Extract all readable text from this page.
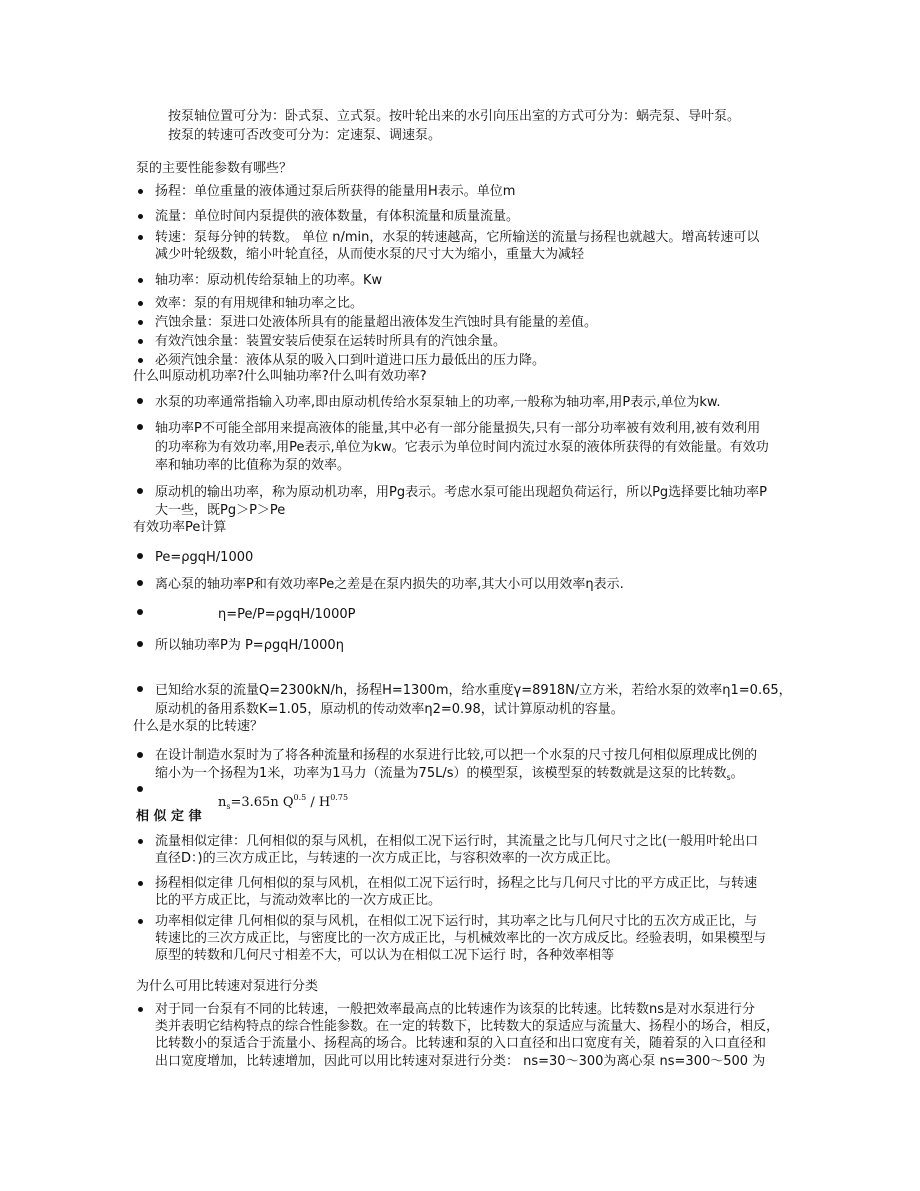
按泵轴位置可分为：卧式泵、立式泵。按叶轮出来的水引向压出室的方式可分为：蜗壳泵、导叶泵。
按泵的转速可否改变可分为：定速泵、调速泵。
泵的主要性能参数有哪些？
扬程：单位重量的液体通过泵后所获得的能量用H表示。单位m
流量：单位时间内泵提供的液体数量，有体积流量和质量流量。
转速：泵每分钟的转数。 单位 n/min，水泵的转速越高，它所输送的流量与扬程也就越大。增高转速可以
减少叶轮级数，缩小叶轮直径，从而使水泵的尺寸大为缩小，重量大为减轻
轴功率：原动机传给泵轴上的功率。Kw
效率：泵的有用规律和轴功率之比。
汽蚀余量：泵进口处液体所具有的能量超出液体发生汽蚀时具有能量的差值。
有效汽蚀余量：装置安装后使泵在运转时所具有的汽蚀余量。
必须汽蚀余量：液体从泵的吸入口到叶道进口压力最低出的压力降。
什么叫原动机功率?什么叫轴功率?什么叫有效功率?
水泵的功率通常指输入功率,即由原动机传给水泵泵轴上的功率,一般称为轴功率,用P表示,单位为kw.
轴功率P不可能全部用来提高液体的能量,其中必有一部分能量损失,只有一部分功率被有效利用,被有效利用
的功率称为有效功率,用Pe表示,单位为kw。它表示为单位时间内流过水泵的液体所获得的有效能量。有效功
率和轴功率的比值称为泵的效率。
原动机的输出功率，称为原动机功率，用Pg表示。考虑水泵可能出现超负荷运行，所以Pg选择要比轴功率P
大一些，既Pg＞P＞Pe
有效功率Pe计算
Pe=ρgqH/1000
离心泵的轴功率P和有效功率Pe之差是在泵内损失的功率,其大小可以用效率η表示.
η=Pe/P=ρgqH/1000P
所以轴功率P为 P=ρgqH/1000η
已知给水泵的流量Q=2300kN/h，扬程H=1300m，给水重度γ=8918N/立方米，若给水泵的效率η1=0.65，
原动机的备用系数K=1.05，原动机的传动效率η2=0.98，试计算原动机的容量。
什么是水泵的比转速？
在设计制造水泵时为了将各种流量和扬程的水泵进行比较,可以把一个水泵的尺寸按几何相似原理成比例的
缩小为一个扬程为1米，功率为1马力（流量为75L/s）的模型泵，该模型泵的转数就是这泵的比转数$_s$。
$n_s=3.65n$ $Q^{0.5} / H^{0.75}$
相 似 定 律
流量相似定律：几何相似的泵与风机，在相似工况下运行时，其流量之比与几何尺寸之比(一般用叶轮出口
直径D：)的三次方成正比，与转速的一次方成正比，与容积效率的一次方成正比。
扬程相似定律 几何相似的泵与风机，在相似工况下运行时，扬程之比与几何尺寸比的平方成正比，与转速
比的平方成正比，与流动效率比的一次方成正比。
功率相似定律 几何相似的泵与风机，在相似工况下运行时，其功率之比与几何尺寸比的五次方成正比，与
转速比的三次方成正比，与密度比的一次方成正比，与机械效率比的一次方成反比。经验表明，如果模型与
原型的转数和几何尺寸相差不大，可以认为在相似工况下运行 时，各种效率相等
为什么可用比转速对泵进行分类
对于同一台泵有不同的比转速，一般把效率最高点的比转速作为该泵的比转速。比转数ns是对水泵进行分
类并表明它结构特点的综合性能参数。在一定的转数下，比转数大的泵适应与流量大、扬程小的场合，相反，
比转数小的泵适合于流量小、扬程高的场合。比转速和泵的入口直径和出口宽度有关，随着泵的入口直径和
出口宽度增加，比转速增加，因此可以用比转速对泵进行分类： ns=30～300为离心泵 ns=300～500 为
